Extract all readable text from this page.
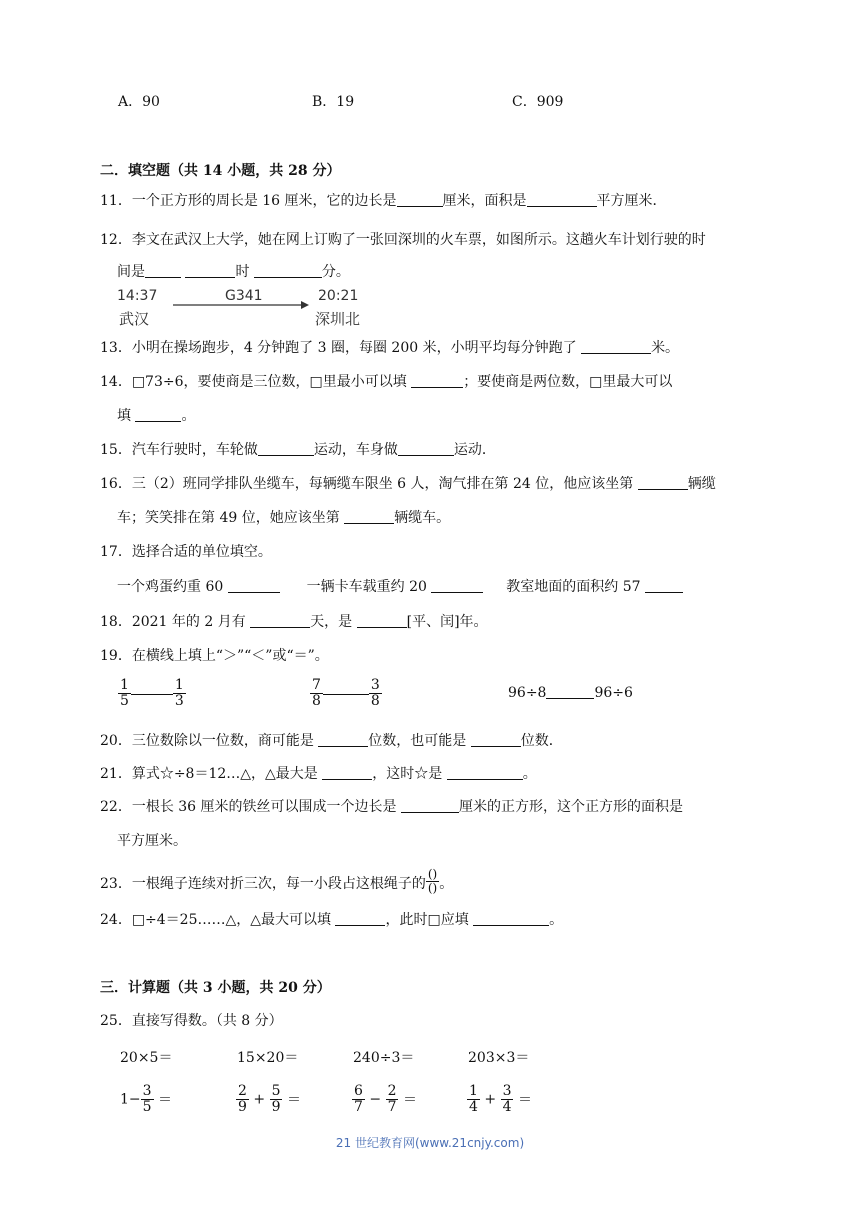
A．90	B．19	C．909
二．填空题（共 14 小题，共 28 分）
11．一个正方形的周长是 16 厘米，它的边长是	厘米，面积是	平方厘米．
12．李文在武汉上大学，她在网上订购了一张回深圳的火车票，如图所示。这趟火车计划行驶的时
间是	时	分。
14:37	G341	20:21
武汉	深圳北
13．小明在操场跑步，4 分钟跑了 3 圈，每圈 200 米，小明平均每分钟跑了	米。
14．□73÷6，要使商是三位数，□里最小可以填	；要使商是两位数，□里最大可以
填	。
15．汽车行驶时，车轮做	运动，车身做	运动．
16．三（2）班同学排队坐缆车，每辆缆车限坐 6 人，淘气排在第 24 位，他应该坐第	辆缆
车；笑笑排在第 49 位，她应该坐第	辆缆车。
17．选择合适的单位填空。
一个鸡蛋约重 60	一辆卡车载重约 20	教室地面的面积约 57
18．2021 年的 2 月有	天，是	[平、闰]年。
19．在横线上填上“＞”“＜”或“＝”。
$\frac{1}{5}$	$\frac{1}{3}$	$\frac{7}{8}$	$\frac{3}{8}$	96÷8	96÷6
20．三位数除以一位数，商可能是	位数，也可能是	位数．
21．算式☆÷8＝12…△，△最大是	，这时☆是	。
22．一根长 36 厘米的铁丝可以围成一个边长是	厘米的正方形，这个正方形的面积是
平方厘米。
23．一根绳子连续对折三次，每一小段占这根绳子的 $\frac{()}{()}$ 。
24．□÷4＝25……△，△最大可以填	，此时□应填	。
三．计算题（共 3 小题，共 20 分）
25．直接写得数。（共 8 分）
20×5＝	15×20＝	240÷3＝	203×3＝
$1- \frac{3}{5}$ ＝	$\frac{2}{9} + \frac{5}{9}$ ＝	$\frac{6}{7} - \frac{2}{7}$ ＝	$\frac{1}{4} + \frac{3}{4}$ ＝
21 世纪教育网(www.21cnjy.com)
